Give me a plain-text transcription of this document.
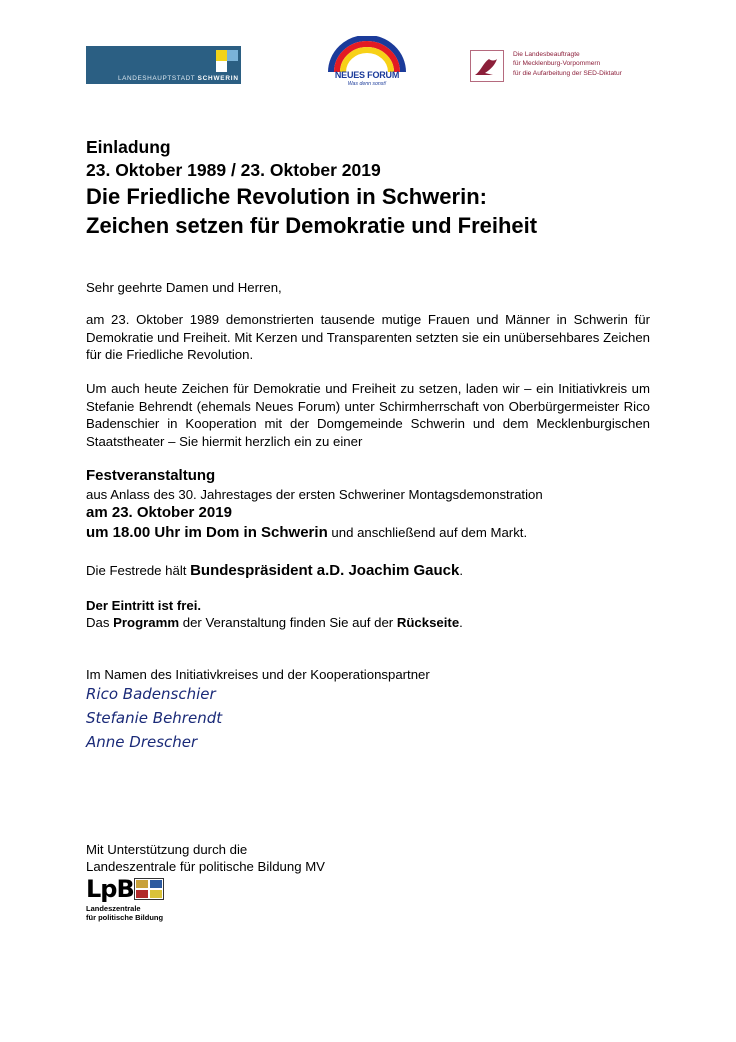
LANDESHAUPTSTADT SCHWERIN	NEUES FORUM
Was denn sonst!
Die Landesbeauftragte
für Mecklenburg-Vorpommern
für die Aufarbeitung der SED-Diktatur
Einladung
23. Oktober 1989 / 23. Oktober 2019
Die Friedliche Revolution in Schwerin:
Zeichen setzen für Demokratie und Freiheit
Sehr geehrte Damen und Herren,
am 23. Oktober 1989 demonstrierten tausende mutige Frauen und Männer in Schwerin für Demokratie und Freiheit. Mit Kerzen und Transparenten setzten sie ein unübersehbares Zeichen für die Friedliche Revolution.
Um auch heute Zeichen für Demokratie und Freiheit zu setzen, laden wir – ein Initiativkreis um Stefanie Behrendt (ehemals Neues Forum) unter Schirmherrschaft von Oberbürgermeister Rico Badenschier in Kooperation mit der Domgemeinde Schwerin und dem Mecklenburgischen Staatstheater – Sie hiermit herzlich ein zu einer
Festveranstaltung
aus Anlass des 30. Jahrestages der ersten Schweriner Montagsdemonstration
am 23. Oktober 2019
um 18.00 Uhr im Dom in Schwerin und anschließend auf dem Markt.
Die Festrede hält Bundespräsident a.D. Joachim Gauck.
Der Eintritt ist frei.
Das Programm der Veranstaltung finden Sie auf der Rückseite.
Im Namen des Initiativkreises und der Kooperationspartner
Rico Badenschier
Stefanie Behrendt
Anne Drescher
Mit Unterstützung durch die
Landeszentrale für politische Bildung MV
LpB
Landeszentrale
für politische Bildung
